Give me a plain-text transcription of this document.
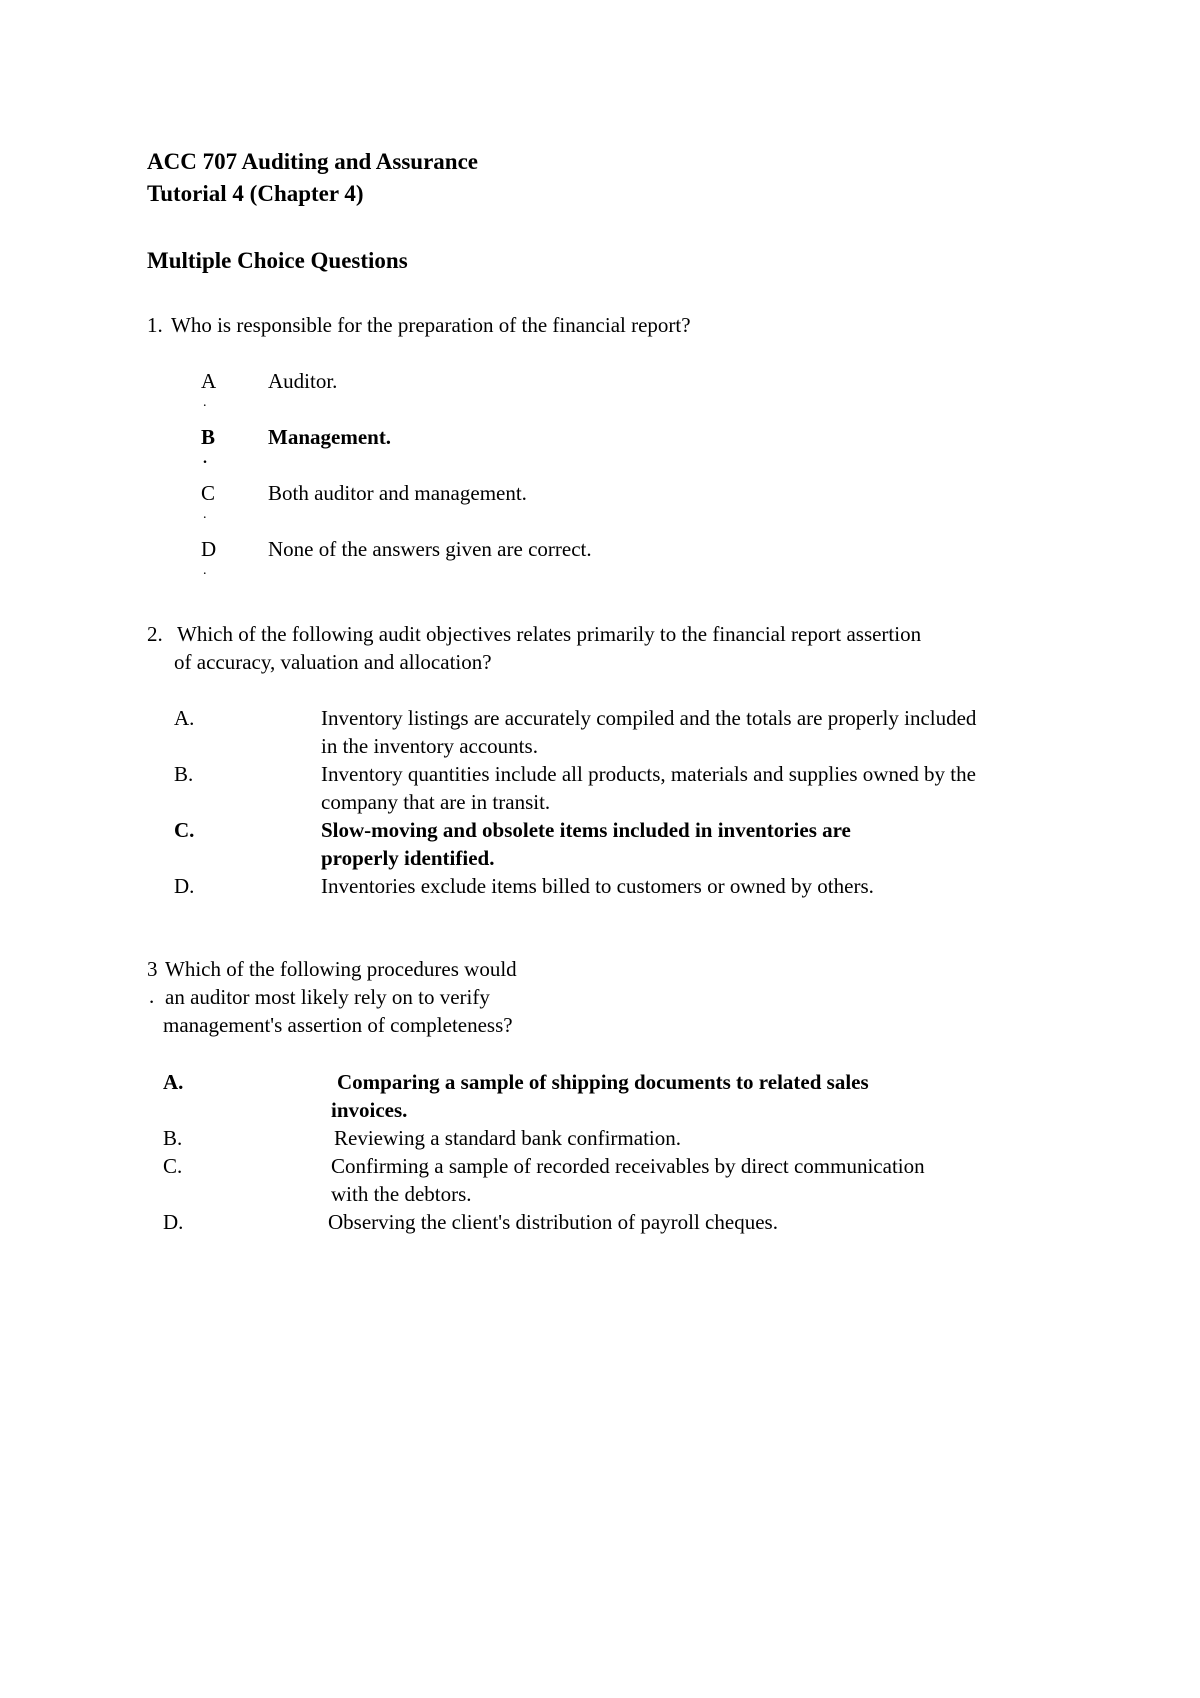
ACC 707 Auditing and Assurance
Tutorial 4 (Chapter 4)
Multiple Choice Questions
1. Who is responsible for the preparation of the financial report?
A
.
Auditor.
B
.
Management.
C
.
Both auditor and management.
D
.
None of the answers given are correct.
2. Which of the following audit objectives relates primarily to the financial report assertion
of accuracy, valuation and allocation?
A.	Inventory listings are accurately compiled and the totals are properly included
in the inventory accounts.
B.	Inventory quantities include all products, materials and supplies owned by the
company that are in transit.
C.	Slow-moving and obsolete items included in inventories are
properly identified.
D.	Inventories exclude items billed to customers or owned by others.
3
.
Which of the following procedures would
an auditor most likely rely on to verify
management's assertion of completeness?
A.	Comparing a sample of shipping documents to related sales
invoices.
B.	Reviewing a standard bank confirmation.
C.	Confirming a sample of recorded receivables by direct communication
with the debtors.
D.	Observing the client's distribution of payroll cheques.
